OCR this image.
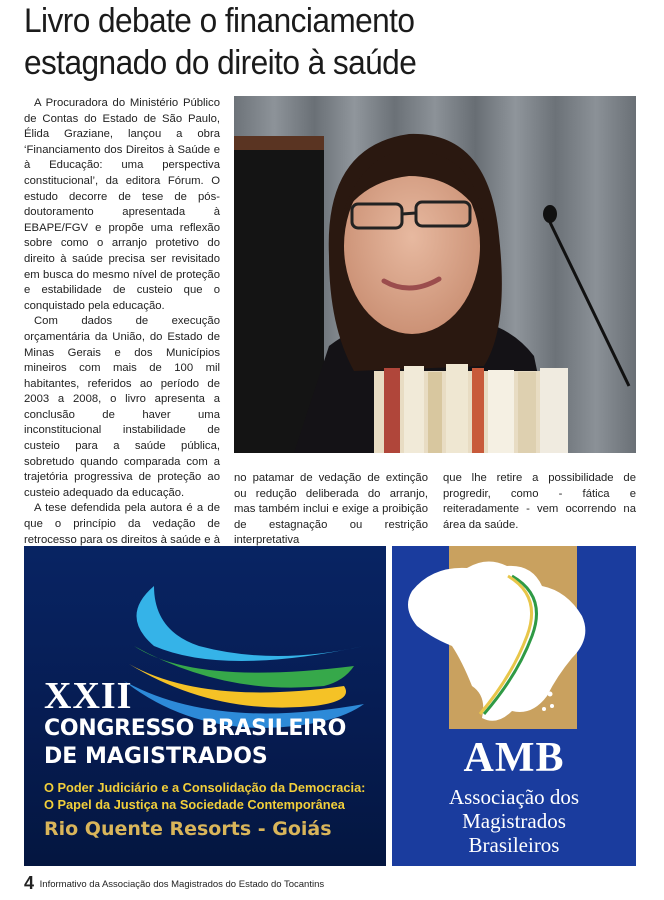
Livro debate o financiamento
estagnado do direito à saúde

A Procuradora do Ministério Público de Contas do Estado de São Paulo, Élida Graziane, lançou a obra ‘Financiamento dos Direitos à Saúde e à Educação: uma perspectiva constitucional’, da editora Fórum. O estudo decorre de tese de pós-doutoramento apresentada à EBAPE/FGV e propõe uma reflexão sobre como o arranjo protetivo do direito à saúde precisa ser revisitado em busca do mesmo nível de proteção e estabilidade de custeio que o conquistado pela educação.

Com dados de execução orçamentária da União, do Estado de Minas Gerais e dos Municípios mineiros com mais de 100 mil habitantes, referidos ao período de 2003 a 2008, o livro apresenta a conclusão de haver uma inconstitucional instabilidade de custeio para a saúde pública, sobretudo quando comparada com a trajetória progressiva de proteção ao custeio adequado da educação.

A tese defendida pela autora é a de que o princípio da vedação de retrocesso para os direitos à saúde e à

no patamar de vedação de extinção ou redução deliberada do arranjo, mas também inclui e exige a proibição de estagnação ou restrição interpretativa

que lhe retire a possibilidade de progredir, como - fática e reiteradamente - vem ocorrendo na área da saúde.

XXII
CONGRESSO BRASILEIRO
DE MAGISTRADOS
O Poder Judiciário e a Consolidação da Democracia:
O Papel da Justiça na Sociedade Contemporânea
Rio Quente Resorts - Goiás
AMB
Associação dos
Magistrados
Brasileiros
4 Informativo da Associação dos Magistrados do Estado do Tocantins
